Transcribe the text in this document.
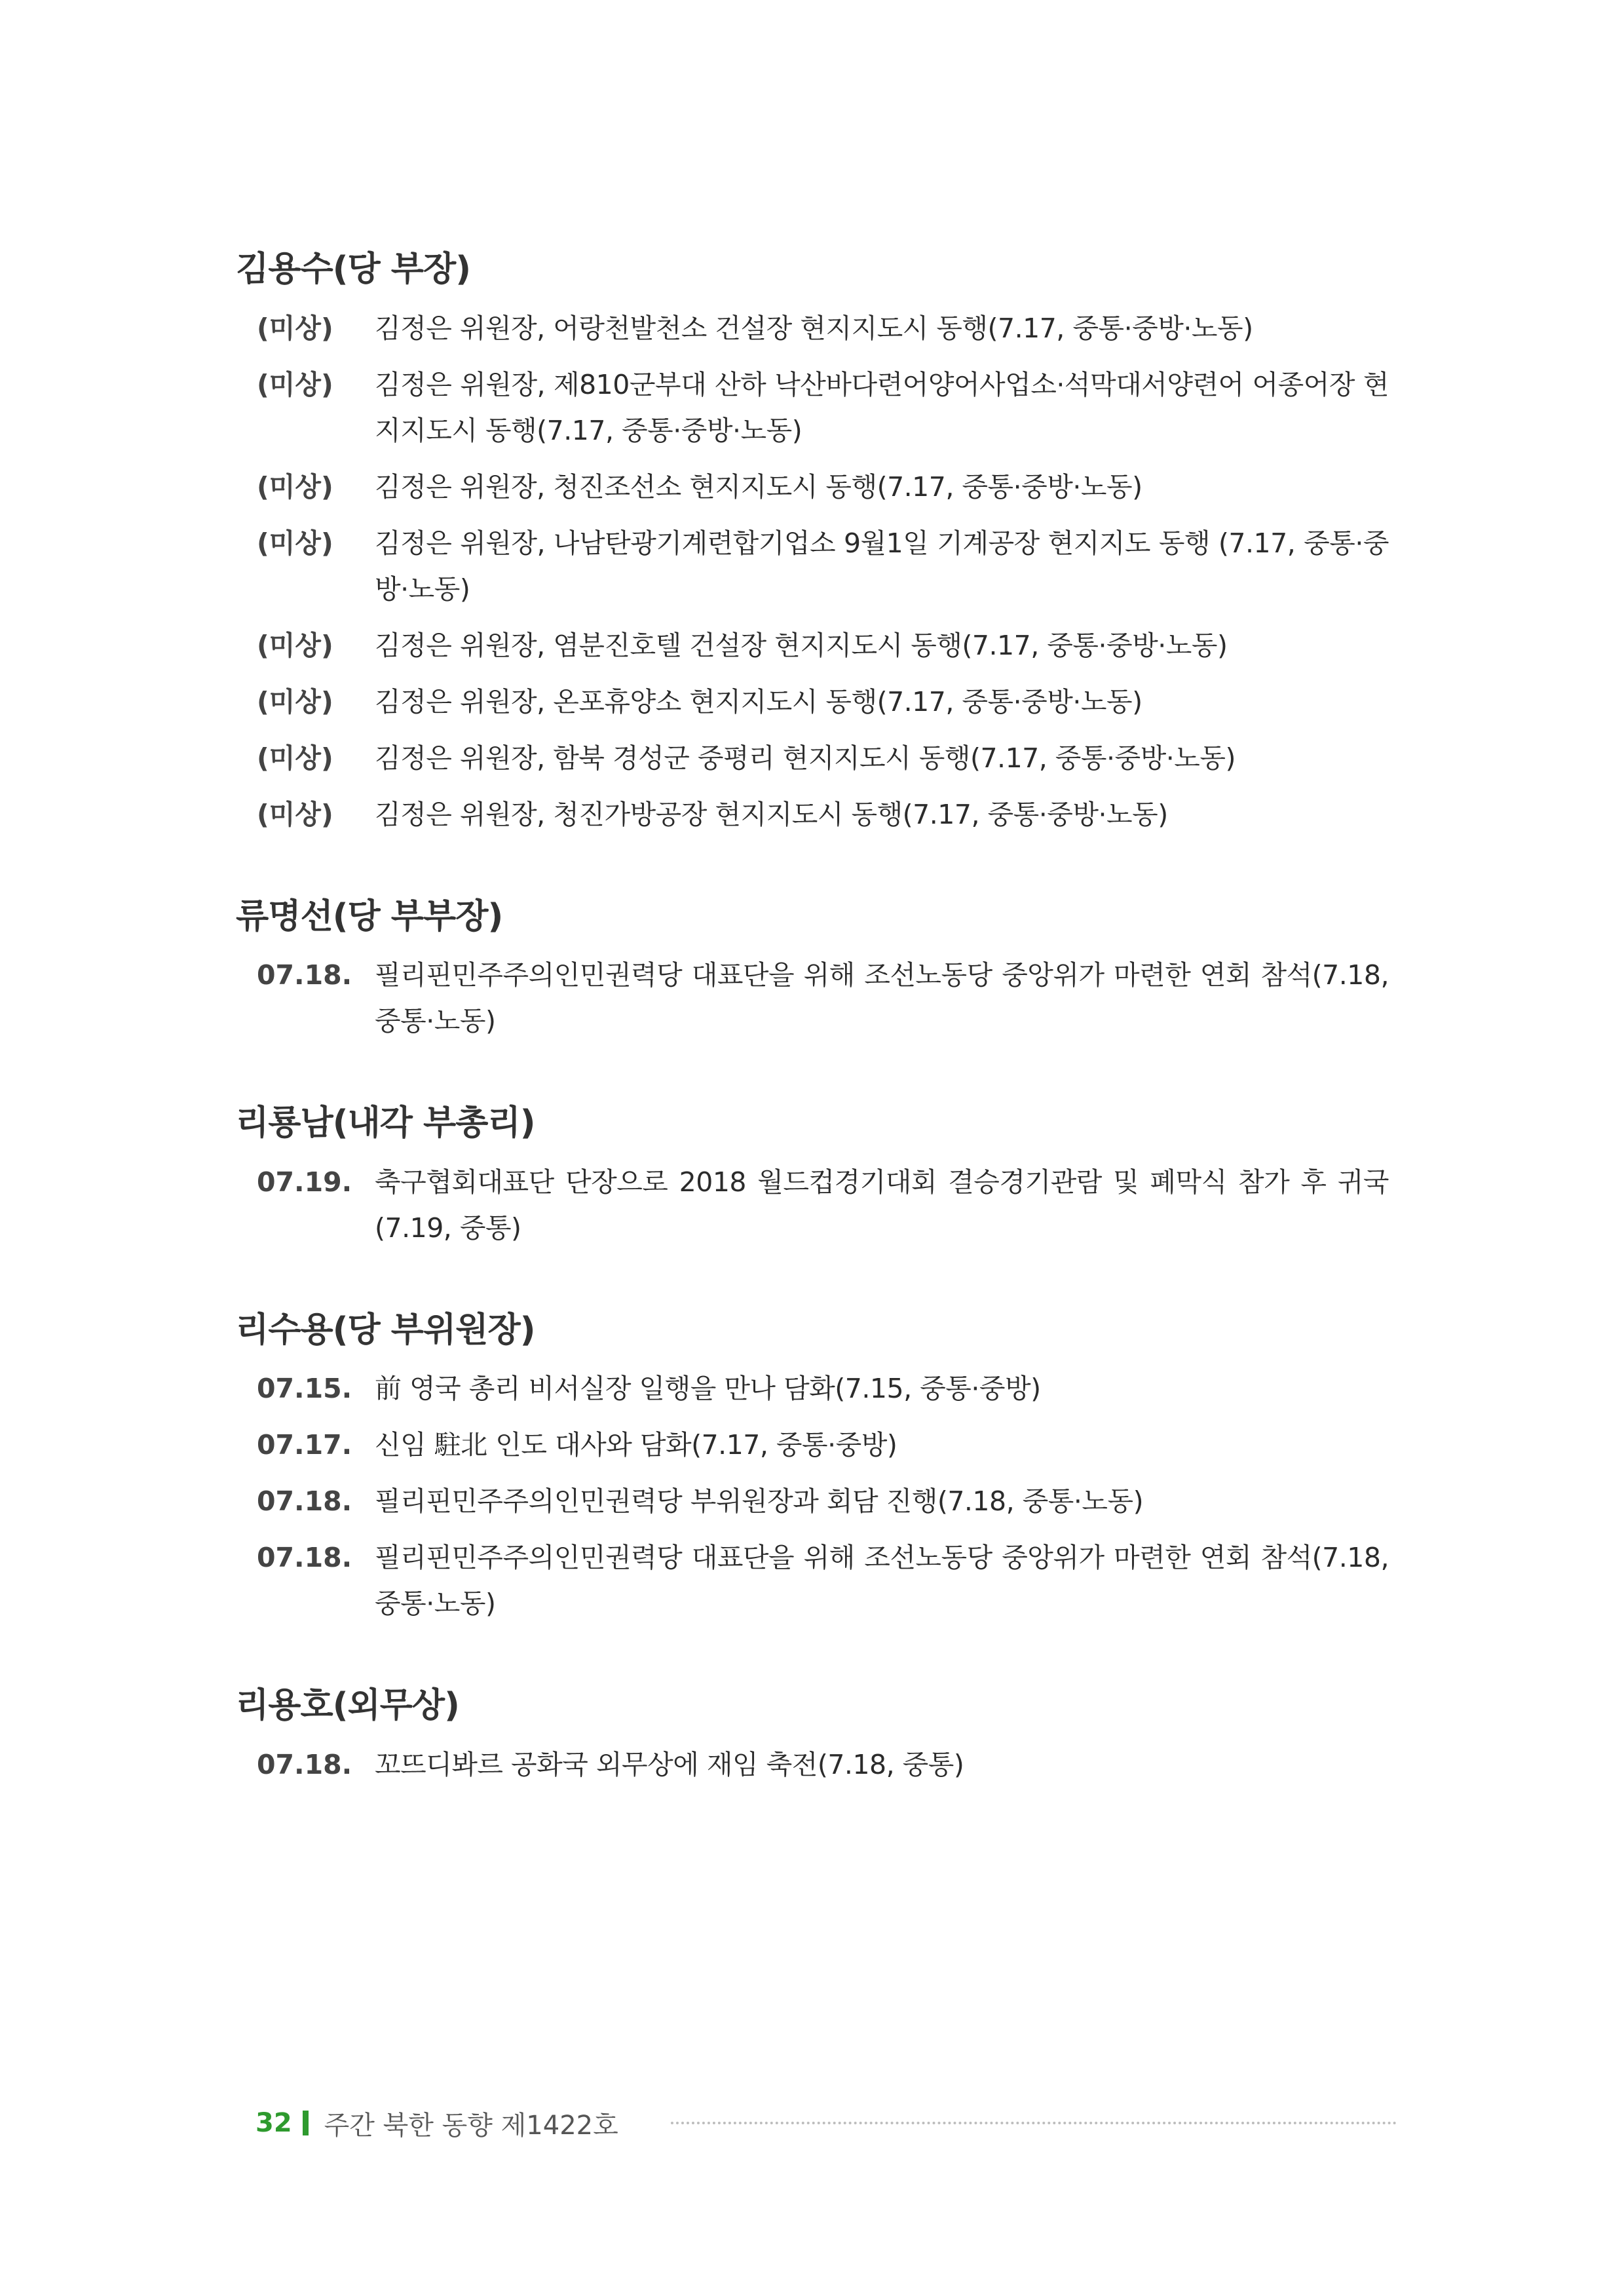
김용수(당 부장)
(미상)	김정은 위원장, 어랑천발천소 건설장 현지지도시 동행(7.17, 중통·중방·노동)
(미상)	김정은 위원장, 제810군부대 산하 낙산바다련어양어사업소·석막대서양련어 어종어장 현지지도시 동행(7.17, 중통·중방·노동)
(미상)	김정은 위원장, 청진조선소 현지지도시 동행(7.17, 중통·중방·노동)
(미상)	김정은 위원장, 나남탄광기계련합기업소 9월1일 기계공장 현지지도 동행 (7.17, 중통·중방·노동)
(미상)	김정은 위원장, 염분진호텔 건설장 현지지도시 동행(7.17, 중통·중방·노동)
(미상)	김정은 위원장, 온포휴양소 현지지도시 동행(7.17, 중통·중방·노동)
(미상)	김정은 위원장, 함북 경성군 중평리 현지지도시 동행(7.17, 중통·중방·노동)
(미상)	김정은 위원장, 청진가방공장 현지지도시 동행(7.17, 중통·중방·노동)
류명선(당 부부장)
07.18. 필리핀민주주의인민권력당 대표단을 위해 조선노동당 중앙위가 마련한 연회 참석(7.18, 중통·노동)
리룡남(내각 부총리)
07.19. 축구협회대표단 단장으로 2018 월드컵경기대회 결승경기관람 및 폐막식 참가 후 귀국(7.19, 중통)
리수용(당 부위원장)
07.15. 前 영국 총리 비서실장 일행을 만나 담화(7.15, 중통·중방)
07.17. 신임 駐北 인도 대사와 담화(7.17, 중통·중방)
07.18. 필리핀민주주의인민권력당 부위원장과 회담 진행(7.18, 중통·노동)
07.18. 필리핀민주주의인민권력당 대표단을 위해 조선노동당 중앙위가 마련한 연회 참석(7.18, 중통·노동)
리용호(외무상)
07.18. 꼬뜨디봐르 공화국 외무상에 재임 축전(7.18, 중통)
32 주간 북한 동향 제1422호
